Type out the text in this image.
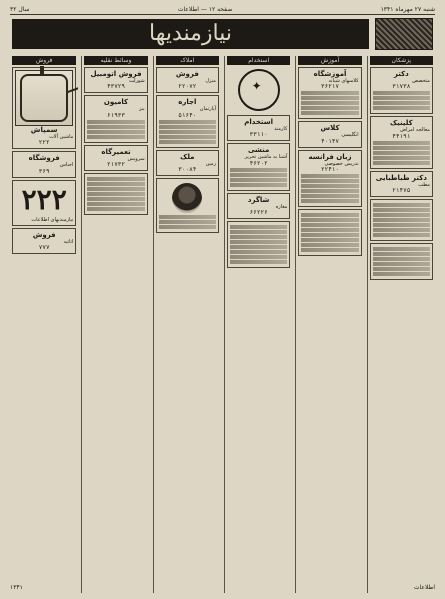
شنبه ۲۷ مهرماه ۱۳۴۱
صفحه ۱۲ — اطلاعات
سال ۳۲
نیازمندیها
پزشکان
دکتر
متخصص
۳۱۷۳۸
کلینیک
معالجه امراض
۴۴۱۹۱
دکتر طباطبایی
مطب
۲۱۴۷۵
آموزش
آموزشگاه
کلاسهای شبانه
۳۶۲۱۷
کلاس
انگلیسی
۴۰۱۴۷
زبان فرانسه
تدریس خصوصی
۲۲۴۱۰
استخدام
✦
استخدام
کارمند
۳۳۱۱۰
منشی
آشنا به ماشین تحریر
۴۶۲۰۲
شاگرد
مغازه
۶۶۲۲۶
املاک
فروش
منزل
۲۲۰۷۲
اجاره
آپارتمان
۵۱۶۴۰
ملک
زمین
۳۰۰۸۴
وسائط نقلیه
فروش اتومبیل
شورلت
۴۳۷۲۹
کامیون
بنز
۶۱۹۳۳
تعمیرگاه
سرویس
۲۱۷۳۲
فروش
سمپاش
ماشین آلات
۲۲۲
فروشگاه
اجناس
۳۶۹
۲۲۲
نیازمندیهای اطلاعات
فروش
اثاثیه
۷۷۷
اطلاعات
۱۳۴۱
